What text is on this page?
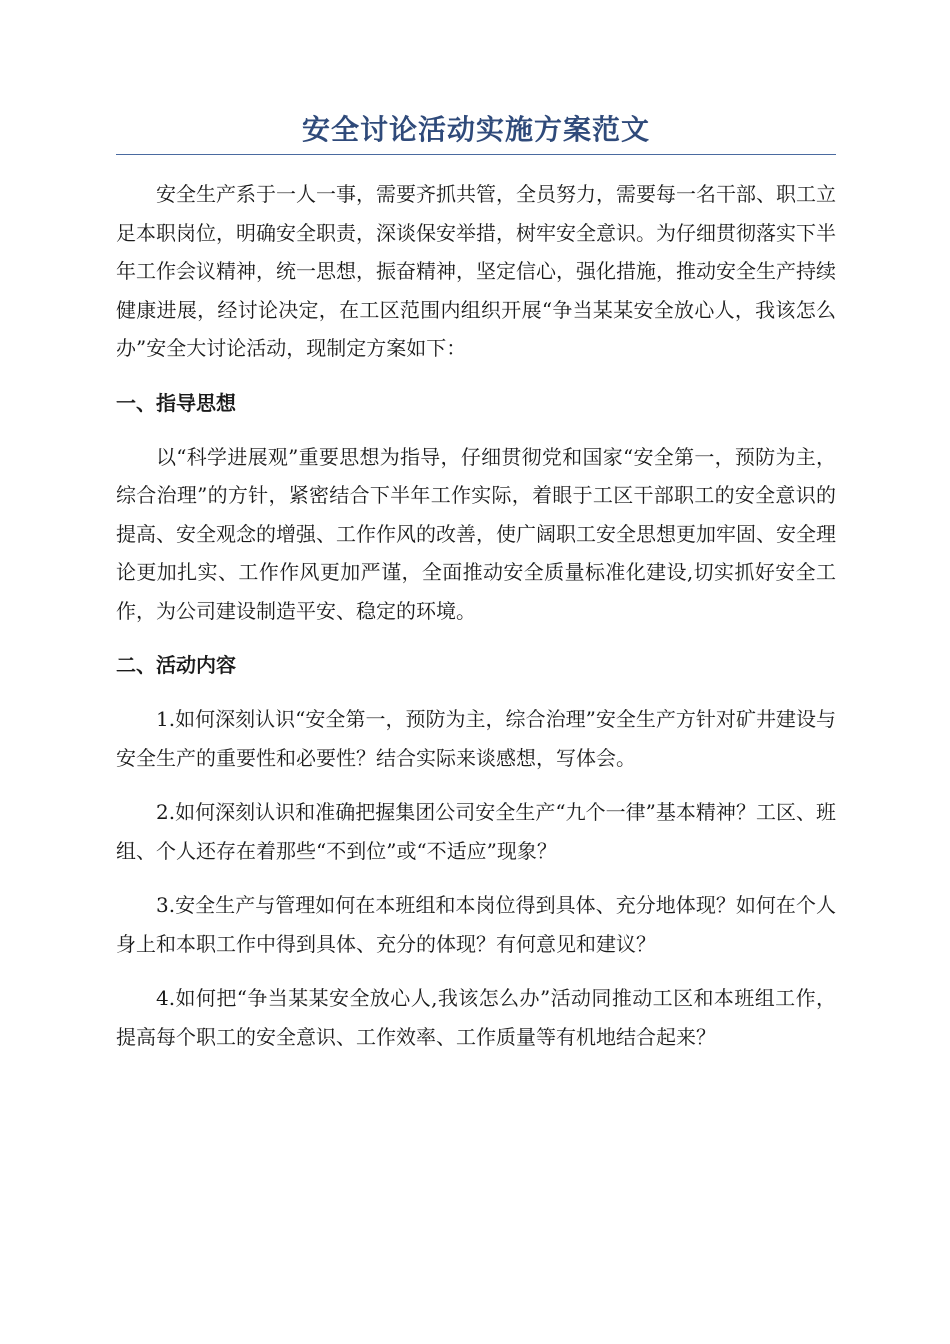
安全讨论活动实施方案范文

安全生产系于一人一事，需要齐抓共管，全员努力，需要每一名干部、职工立足本职岗位，明确安全职责，深谈保安举措，树牢安全意识。为仔细贯彻落实下半年工作会议精神，统一思想，振奋精神，坚定信心，强化措施，推动安全生产持续健康进展，经讨论决定，在工区范围内组织开展“争当某某安全放心人，我该怎么办”安全大讨论活动，现制定方案如下：

一、指导思想

以“科学进展观”重要思想为指导，仔细贯彻党和国家“安全第一，预防为主，综合治理”的方针，紧密结合下半年工作实际，着眼于工区干部职工的安全意识的提高、安全观念的增强、工作作风的改善，使广阔职工安全思想更加牢固、安全理论更加扎实、工作作风更加严谨，全面推动安全质量标准化建设,切实抓好安全工作，为公司建设制造平安、稳定的环境。

二、活动内容

1.如何深刻认识“安全第一，预防为主，综合治理”安全生产方针对矿井建设与安全生产的重要性和必要性？结合实际来谈感想，写体会。

2.如何深刻认识和准确把握集团公司安全生产“九个一律”基本精神？工区、班组、个人还存在着那些“不到位”或“不适应”现象？

3.安全生产与管理如何在本班组和本岗位得到具体、充分地体现？如何在个人身上和本职工作中得到具体、充分的体现？有何意见和建议？

4.如何把“争当某某安全放心人,我该怎么办”活动同推动工区和本班组工作，提高每个职工的安全意识、工作效率、工作质量等有机地结合起来？
